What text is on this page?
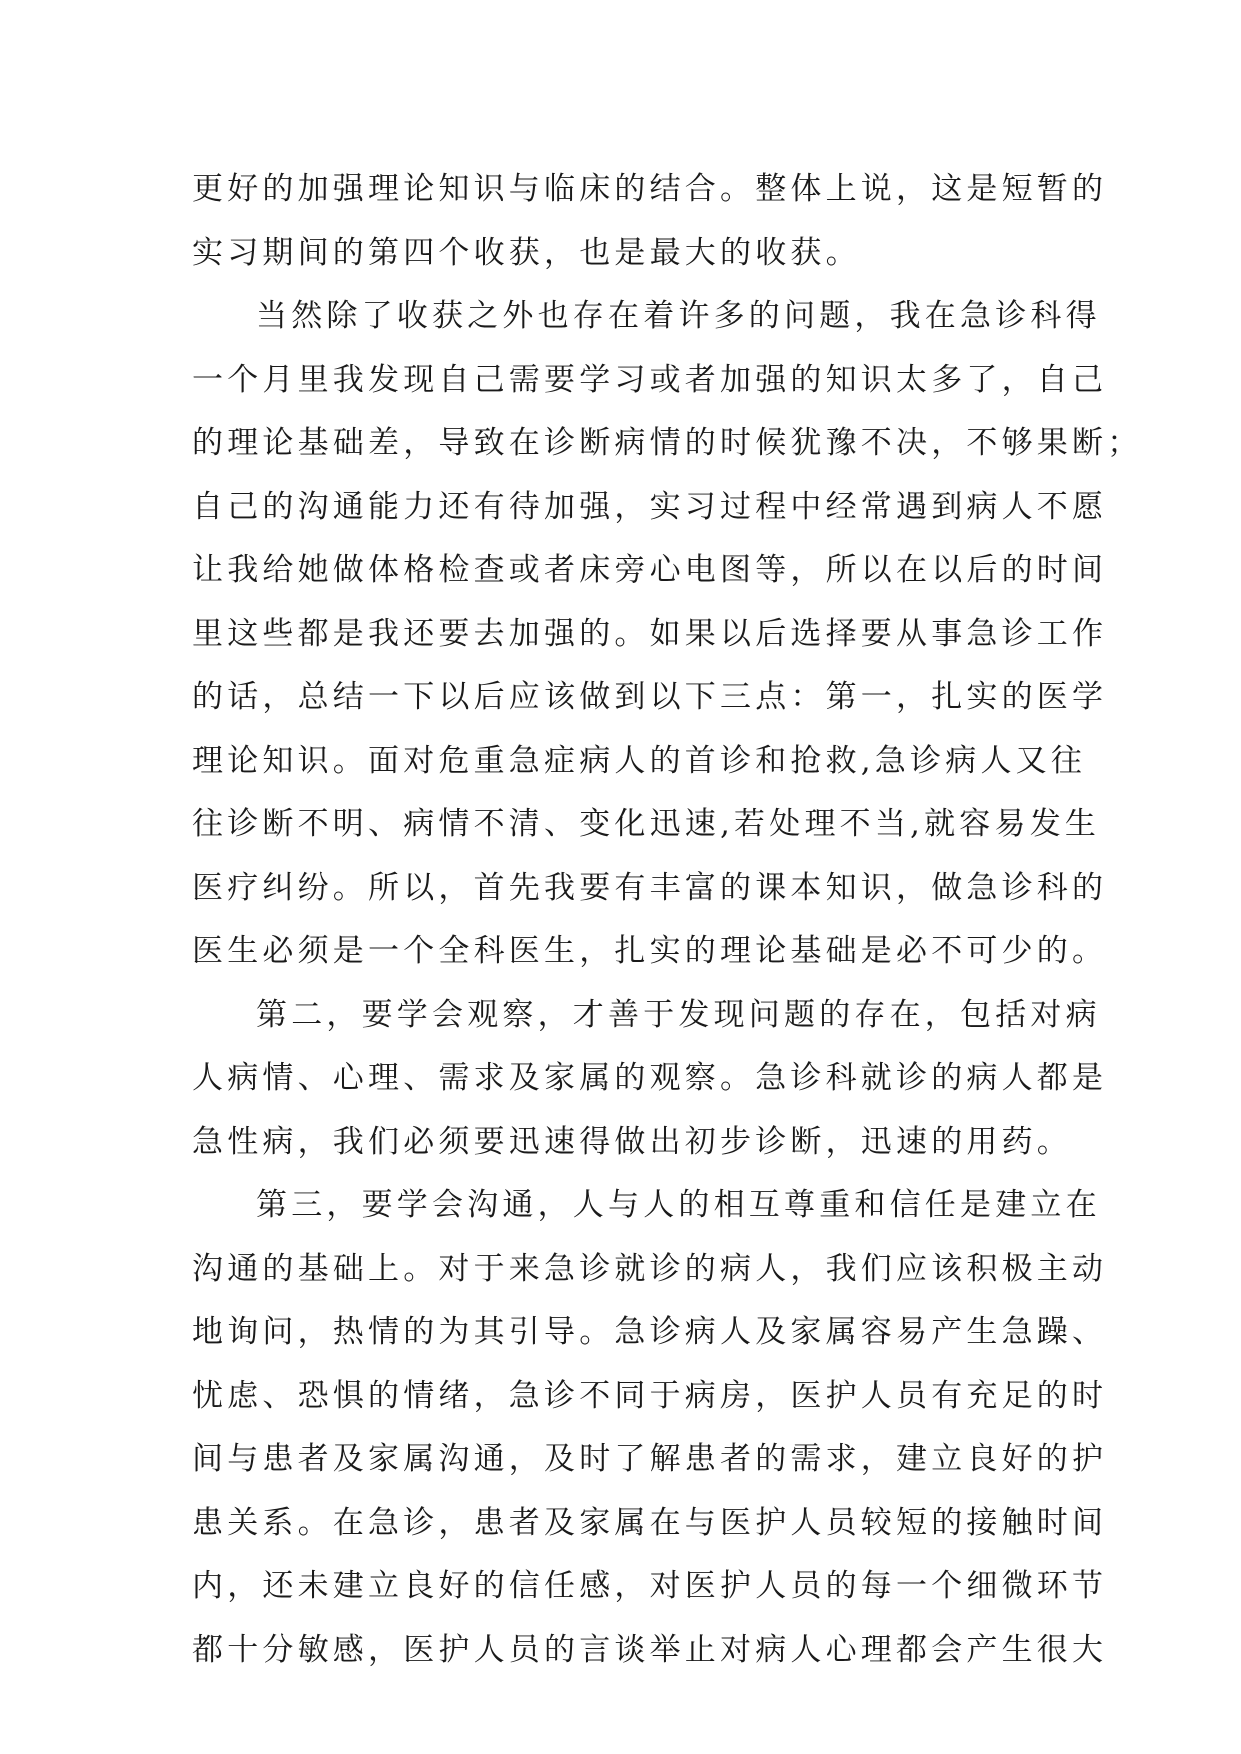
更好的加强理论知识与临床的结合。整体上说，这是短暂的
实习期间的第四个收获，也是最大的收获。
当然除了收获之外也存在着许多的问题，我在急诊科得
一个月里我发现自己需要学习或者加强的知识太多了，自己
的理论基础差，导致在诊断病情的时候犹豫不决，不够果断；
自己的沟通能力还有待加强，实习过程中经常遇到病人不愿
让我给她做体格检查或者床旁心电图等，所以在以后的时间
里这些都是我还要去加强的。如果以后选择要从事急诊工作
的话，总结一下以后应该做到以下三点：第一，扎实的医学
理论知识。面对危重急症病人的首诊和抢救,急诊病人又往
往诊断不明、病情不清、变化迅速,若处理不当,就容易发生
医疗纠纷。所以，首先我要有丰富的课本知识，做急诊科的
医生必须是一个全科医生，扎实的理论基础是必不可少的。
第二，要学会观察，才善于发现问题的存在，包括对病
人病情、心理、需求及家属的观察。急诊科就诊的病人都是
急性病，我们必须要迅速得做出初步诊断，迅速的用药。
第三，要学会沟通，人与人的相互尊重和信任是建立在
沟通的基础上。对于来急诊就诊的病人，我们应该积极主动
地询问，热情的为其引导。急诊病人及家属容易产生急躁、
忧虑、恐惧的情绪，急诊不同于病房，医护人员有充足的时
间与患者及家属沟通，及时了解患者的需求，建立良好的护
患关系。在急诊，患者及家属在与医护人员较短的接触时间
内，还未建立良好的信任感，对医护人员的每一个细微环节
都十分敏感，医护人员的言谈举止对病人心理都会产生很大
